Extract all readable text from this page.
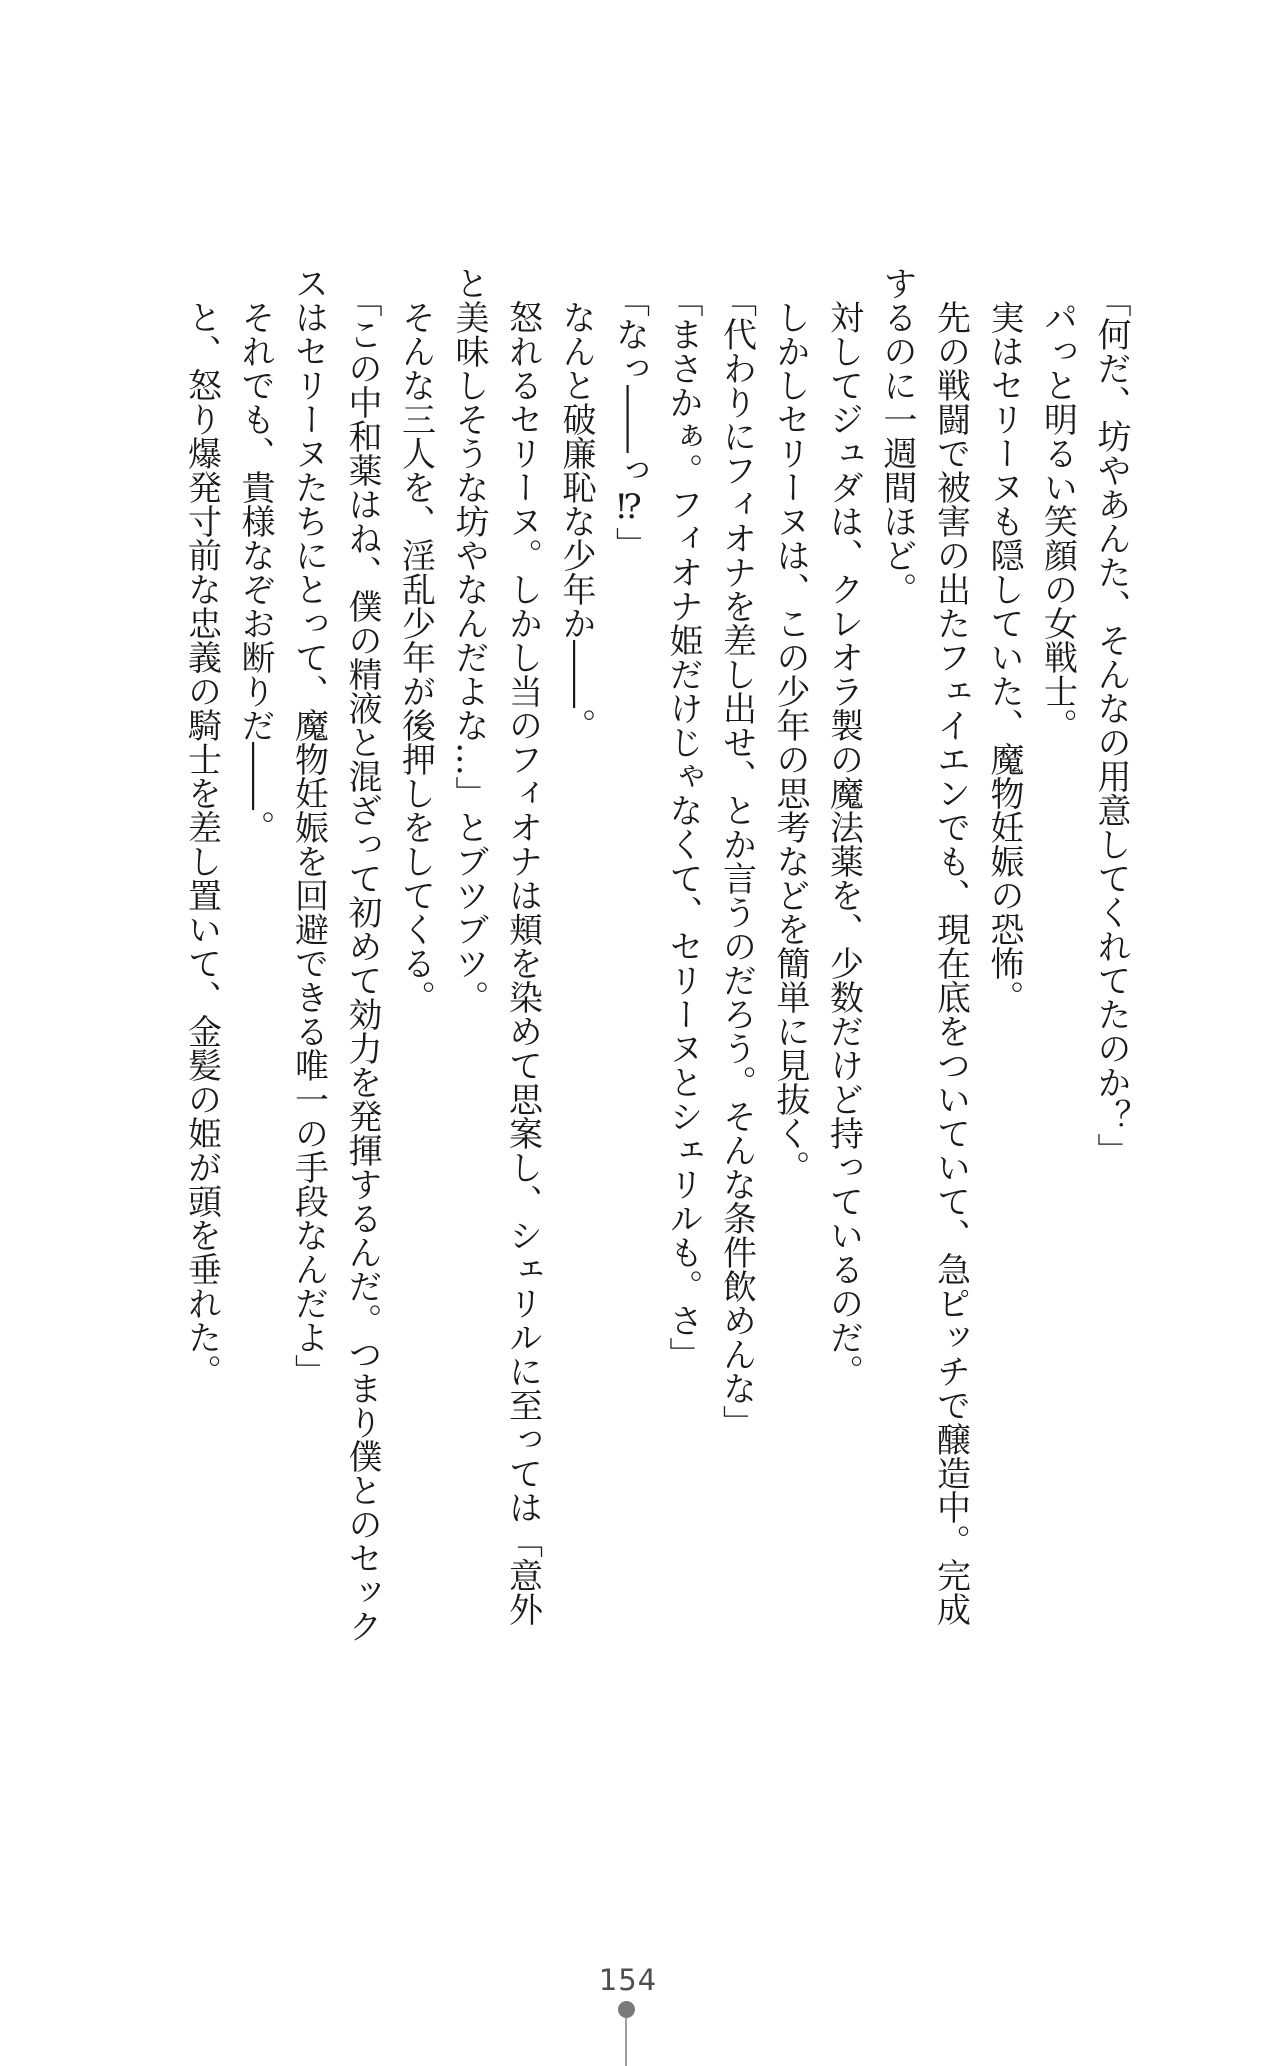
「何だ、坊やあんた、そんなの用意してくれてたのか？」
パっと明るい笑顔の女戦士。
実はセリーヌも隠していた、魔物妊娠の恐怖。
先の戦闘で被害の出たフェイエンでも、現在底をついていて、急ピッチで醸造中。完成
するのに一週間ほど。
対してジュダは、クレオラ製の魔法薬を、少数だけど持っているのだ。
しかしセリーヌは、この少年の思考などを簡単に見抜く。
「代わりにフィオナを差し出せ、とか言うのだろう。そんな条件飲めんな」
「まさかぁ。フィオナ姫だけじゃなくて、セリーヌとシェリルも。さ」
「なっ――っ⁉」
なんと破廉恥な少年か――。
怒れるセリーヌ。しかし当のフィオナは頬を染めて思案し、シェリルに至っては「意外
と美味しそうな坊やなんだよな…」とブツブツ。
そんな三人を、淫乱少年が後押しをしてくる。
「この中和薬はね、僕の精液と混ざって初めて効力を発揮するんだ。つまり僕とのセック
スはセリーヌたちにとって、魔物妊娠を回避できる唯一の手段なんだよ」
それでも、貴様なぞお断りだ――。
と、怒り爆発寸前な忠義の騎士を差し置いて、金髪の姫が頭を垂れた。
154
